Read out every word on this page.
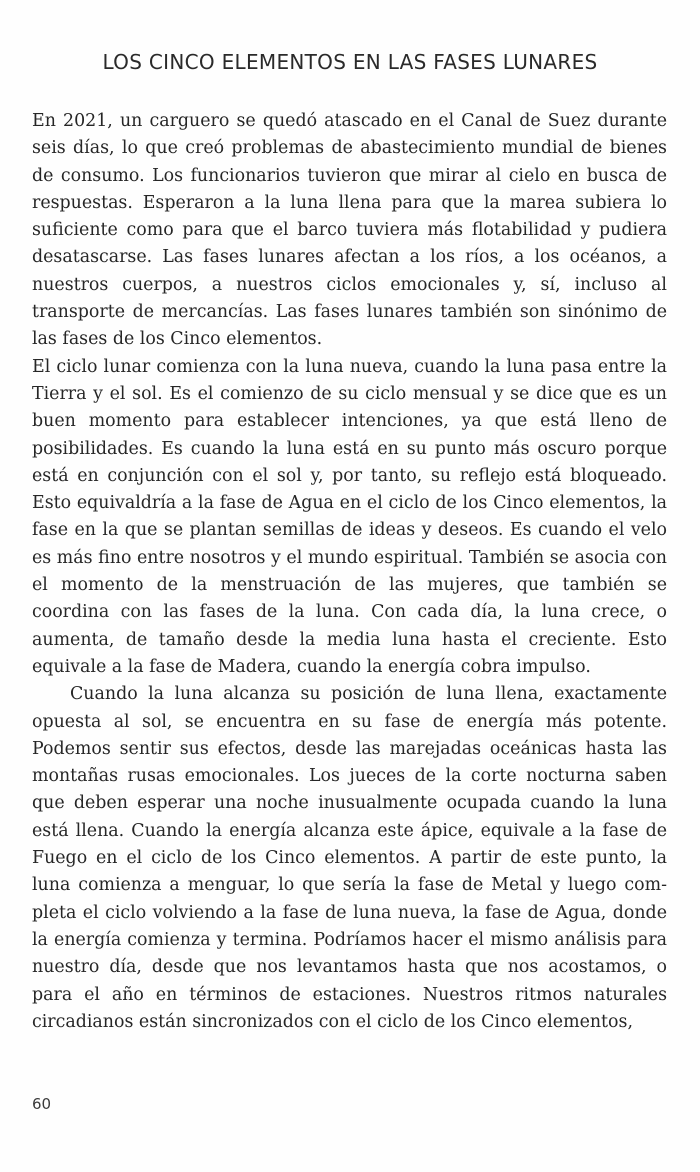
LOS CINCO ELEMENTOS EN LAS FASES LUNARES

En 2021, un carguero se quedó atascado en el Canal de Suez durante seis días, lo que creó problemas de abastecimiento mundial de bienes de consumo. Los funcionarios tuvieron que mirar al cielo en busca de respuestas. Esperaron a la luna llena para que la marea subiera lo suficiente como para que el barco tuviera más flotabilidad y pudiera desatascarse. Las fases lunares afectan a los ríos, a los océanos, a nuestros cuerpos, a nuestros ciclos emocionales y, sí, incluso al transporte de mercancías. Las fases lunares también son sinónimo de las fases de los Cinco elementos.

El ciclo lunar comienza con la luna nueva, cuando la luna pasa entre la Tierra y el sol. Es el comienzo de su ciclo mensual y se dice que es un buen momento para establecer intenciones, ya que está lleno de posibilidades. Es cuando la luna está en su punto más oscuro porque está en conjunción con el sol y, por tanto, su reflejo está bloqueado. Esto equivaldría a la fase de Agua en el ciclo de los Cinco elementos, la fase en la que se plantan semillas de ideas y deseos. Es cuando el velo es más fino entre nosotros y el mundo espiritual. También se asocia con el momento de la menstruación de las mujeres, que también se coordina con las fases de la luna. Con cada día, la luna crece, o aumenta, de tamaño desde la media luna hasta el creciente. Esto equivale a la fase de Madera, cuando la energía cobra impulso.

Cuando la luna alcanza su posición de luna llena, exactamente opuesta al sol, se encuentra en su fase de energía más potente. Podemos sentir sus efectos, desde las marejadas oceánicas hasta las montañas rusas emocionales. Los jueces de la corte nocturna saben que deben esperar una noche inusualmente ocupada cuando la luna está llena. Cuando la energía alcanza este ápice, equivale a la fase de Fuego en el ciclo de los Cinco elementos. A partir de este punto, la luna comienza a menguar, lo que sería la fase de Metal y luego completa el ciclo volviendo a la fase de luna nueva, la fase de Agua, donde la energía comienza y termina. Podríamos hacer el mismo análisis para nuestro día, desde que nos levantamos hasta que nos acostamos, o para el año en términos de estaciones. Nuestros ritmos naturales circadianos están sincronizados con el ciclo de los Cinco elementos,

60
